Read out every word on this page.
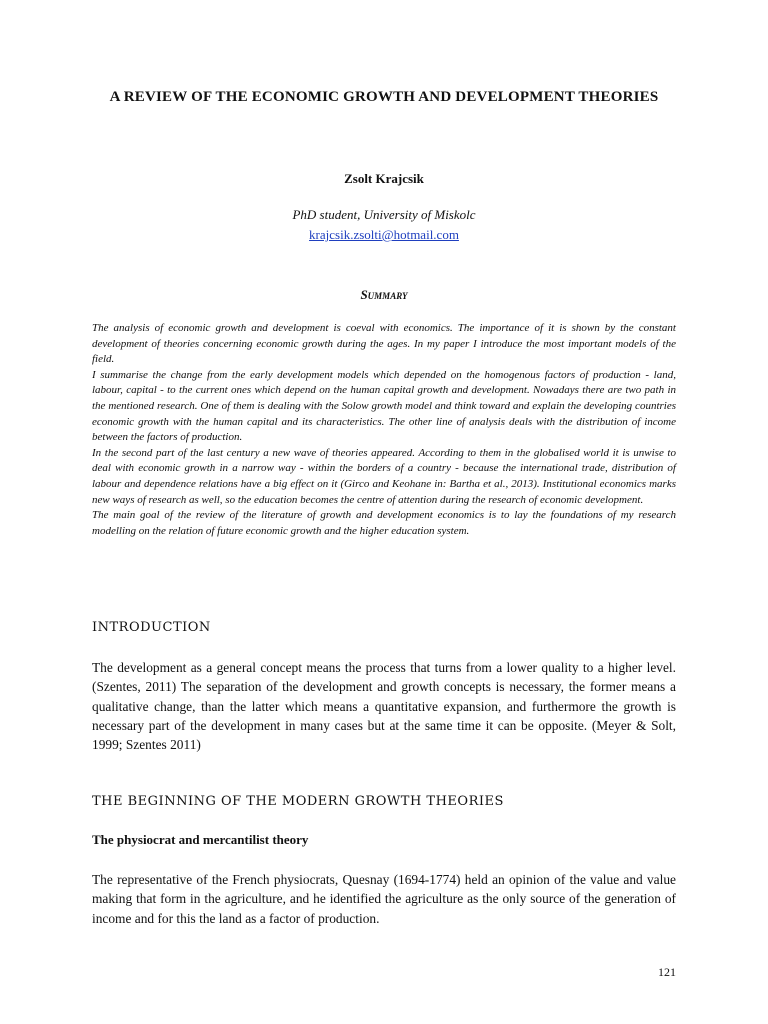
A REVIEW OF THE ECONOMIC GROWTH AND DEVELOPMENT THEORIES
Zsolt Krajcsik
PhD student, University of Miskolc
krajcsik.zsolti@hotmail.com
Summary

The analysis of economic growth and development is coeval with economics. The importance of it is shown by the constant development of theories concerning economic growth during the ages. In my paper I introduce the most important models of the field.

I summarise the change from the early development models which depended on the homogenous factors of production - land, labour, capital - to the current ones which depend on the human capital growth and development. Nowadays there are two path in the mentioned research. One of them is dealing with the Solow growth model and think toward and explain the developing countries economic growth with the human capital and its characteristics. The other line of analysis deals with the distribution of income between the factors of production.

In the second part of the last century a new wave of theories appeared. According to them in the globalised world it is unwise to deal with economic growth in a narrow way - within the borders of a country - because the international trade, distribution of labour and dependence relations have a big effect on it (Girco and Keohane in: Bartha et al., 2013). Institutional economics marks new ways of research as well, so the education becomes the centre of attention during the research of economic development.

The main goal of the review of the literature of growth and development economics is to lay the foundations of my research modelling on the relation of future economic growth and the higher education system.

INTRODUCTION

The development as a general concept means the process that turns from a lower quality to a higher level. (Szentes, 2011) The separation of the development and growth concepts is necessary, the former means a qualitative change, than the latter which means a quantitative expansion, and furthermore the growth is necessary part of the development in many cases but at the same time it can be opposite. (Meyer & Solt, 1999; Szentes 2011)

THE BEGINNING OF THE MODERN GROWTH THEORIES
The physiocrat and mercantilist theory

The representative of the French physiocrats, Quesnay (1694-1774) held an opinion of the value and value making that form in the agriculture, and he identified the agriculture as the only source of the generation of income and for this the land as a factor of production.

121
